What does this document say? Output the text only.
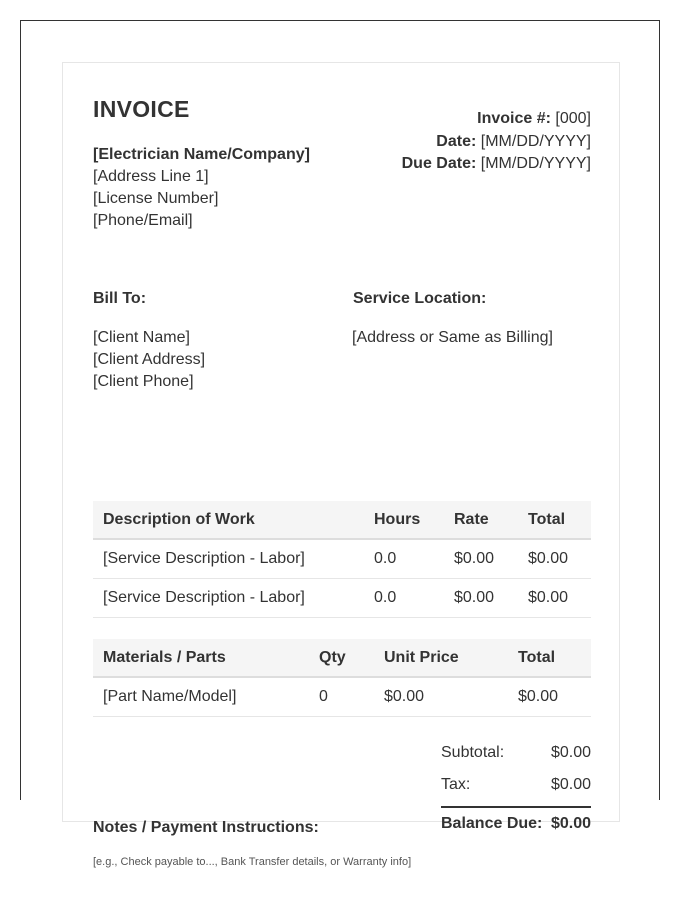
INVOICE
[Electrician Name/Company]
[Address Line 1]
[License Number]
[Phone/Email]
Invoice #: [000]
Date: [MM/DD/YYYY]
Due Date: [MM/DD/YYYY]
Bill To:
[Client Name]
[Client Address]
[Client Phone]
Service Location:
[Address or Same as Billing]
Description of Work	Hours	Rate	Total
[Service Description - Labor]	0.0	$0.00	$0.00
[Service Description - Labor]	0.0	$0.00	$0.00
Materials / Parts	Qty	Unit Price	Total
[Part Name/Model]	0	$0.00	$0.00
Subtotal:	$0.00
Tax:	$0.00
Balance Due: $0.00
Notes / Payment Instructions:
[e.g., Check payable to..., Bank Transfer details, or Warranty info]
